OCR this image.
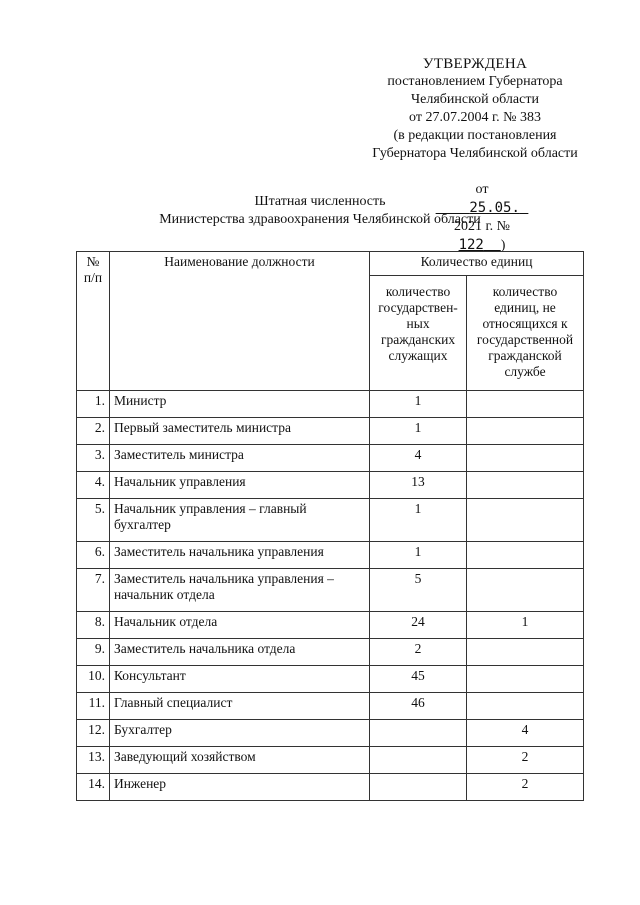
УТВЕРЖДЕНА
постановлением Губернатора
Челябинской области
от 27.07.2004 г. № 383
(в редакции постановления
Губернатора Челябинской области

от
25.05.
2021 г. №
122 )

Штатная численность
Министерства здравоохранения Челябинской области
№ п/п	Наименование должности	Количество единиц	
		количество государствен-ных гражданских служащих	количество единиц, не относящихся к государственной гражданской службе
1.	Министр	1	
2.	Первый заместитель министра	1	
3.	Заместитель министра	4	
4.	Начальник управления	13	
5.	Начальник управления – главный бухгалтер	1	
6.	Заместитель начальника управления	1	
7.	Заместитель начальника управления – начальник отдела	5	
8.	Начальник отдела	24	1
9.	Заместитель начальника отдела	2	
10.	Консультант	45	
11.	Главный специалист	46	
12.	Бухгалтер		4
13.	Заведующий хозяйством		2
14.	Инженер		2
